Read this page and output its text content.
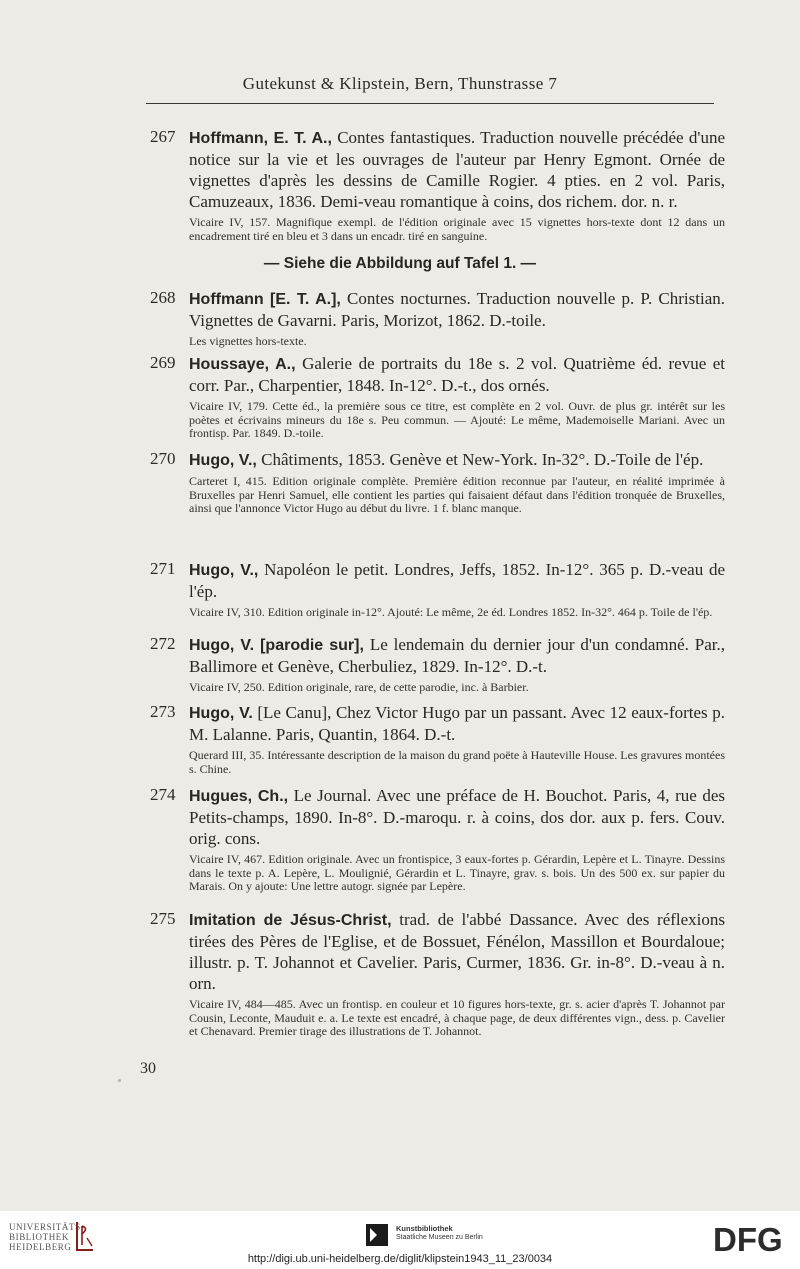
Gutekunst & Klipstein, Bern, Thunstrasse 7
267 Hoffmann, E. T. A., Contes fantastiques. Traduction nouvelle précédée d'une notice sur la vie et les ouvrages de l'auteur par Henry Egmont. Ornée de vignettes d'après les dessins de Camille Rogier. 4 pties. en 2 vol. Paris, Camuzeaux, 1836. Demi-veau romantique à coins, dos richem. dor. n. r.
Vicaire IV, 157. Magnifique exempl. de l'édition originale avec 15 vignettes hors-texte dont 12 dans un encadrement tiré en bleu et 3 dans un encadr. tiré en sanguine.
— Siehe die Abbildung auf Tafel 1. —
268 Hoffmann [E. T. A.], Contes nocturnes. Traduction nouvelle p. P. Christian. Vignettes de Gavarni. Paris, Morizot, 1862. D.-toile.
Les vignettes hors-texte.
269 Houssaye, A., Galerie de portraits du 18e s. 2 vol. Quatrième éd. revue et corr. Par., Charpentier, 1848. In-12°. D.-t., dos ornés.
Vicaire IV, 179. Cette éd., la première sous ce titre, est complète en 2 vol. Ouvr. de plus gr. intérêt sur les poètes et écrivains mineurs du 18e s. Peu commun. — Ajouté: Le même, Mademoiselle Mariani. Avec un frontisp. Par. 1849. D.-toile.
270 Hugo, V., Châtiments, 1853. Genève et New-York. In-32°. D.-Toile de l'ép.
Carteret I, 415. Edition originale complète. Première édition reconnue par l'auteur, en réalité imprimée à Bruxelles par Henri Samuel, elle contient les parties qui faisaient défaut dans l'édition tronquée de Bruxelles, ainsi que l'annonce Victor Hugo au début du livre. 1 f. blanc manque.
271 Hugo, V., Napoléon le petit. Londres, Jeffs, 1852. In-12°. 365 p. D.-veau de l'ép.
Vicaire IV, 310. Edition originale in-12°. Ajouté: Le même, 2e éd. Londres 1852. In-32°. 464 p. Toile de l'ép.
272 Hugo, V. [parodie sur], Le lendemain du dernier jour d'un condamné. Par., Ballimore et Genève, Cherbuliez, 1829. In-12°. D.-t.
Vicaire IV, 250. Edition originale, rare, de cette parodie, inc. à Barbier.
273 Hugo, V. [Le Canu], Chez Victor Hugo par un passant. Avec 12 eaux-fortes p. M. Lalanne. Paris, Quantin, 1864. D.-t.
Querard III, 35. Intéressante description de la maison du grand poëte à Hauteville House. Les gravures montées s. Chine.
274 Hugues, Ch., Le Journal. Avec une préface de H. Bouchot. Paris, 4, rue des Petits-champs, 1890. In-8°. D.-maroqu. r. à coins, dos dor. aux p. fers. Couv. orig. cons.
Vicaire IV, 467. Edition originale. Avec un frontispice, 3 eaux-fortes p. Gérardin, Lepère et L. Tinayre. Dessins dans le texte p. A. Lepère, L. Moulignié, Gérardin et L. Tinayre, grav. s. bois. Un des 500 ex. sur papier du Marais. On y ajoute: Une lettre autogr. signée par Lepère.
275 Imitation de Jésus-Christ, trad. de l'abbé Dassance. Avec des réflexions tirées des Pères de l'Eglise, et de Bossuet, Fénélon, Massillon et Bourdaloue; illustr. p. T. Johannot et Cavelier. Paris, Curmer, 1836. Gr. in-8°. D.-veau à n. orn.
Vicaire IV, 484—485. Avec un frontisp. en couleur et 10 figures hors-texte, gr. s. acier d'après T. Johannot par Cousin, Leconte, Mauduit e. a. Le texte est encadré, à chaque page, de deux différentes vign., dess. p. Cavelier et Chenavard. Premier tirage des illustrations de T. Johannot.
30
UNIVERSITÄTS-
BIBLIOTHEK
HEIDELBERG
Kunstbibliothek
Staatliche Museen zu Berlin	DFG
http://digi.ub.uni-heidelberg.de/diglit/klipstein1943_11_23/0034
